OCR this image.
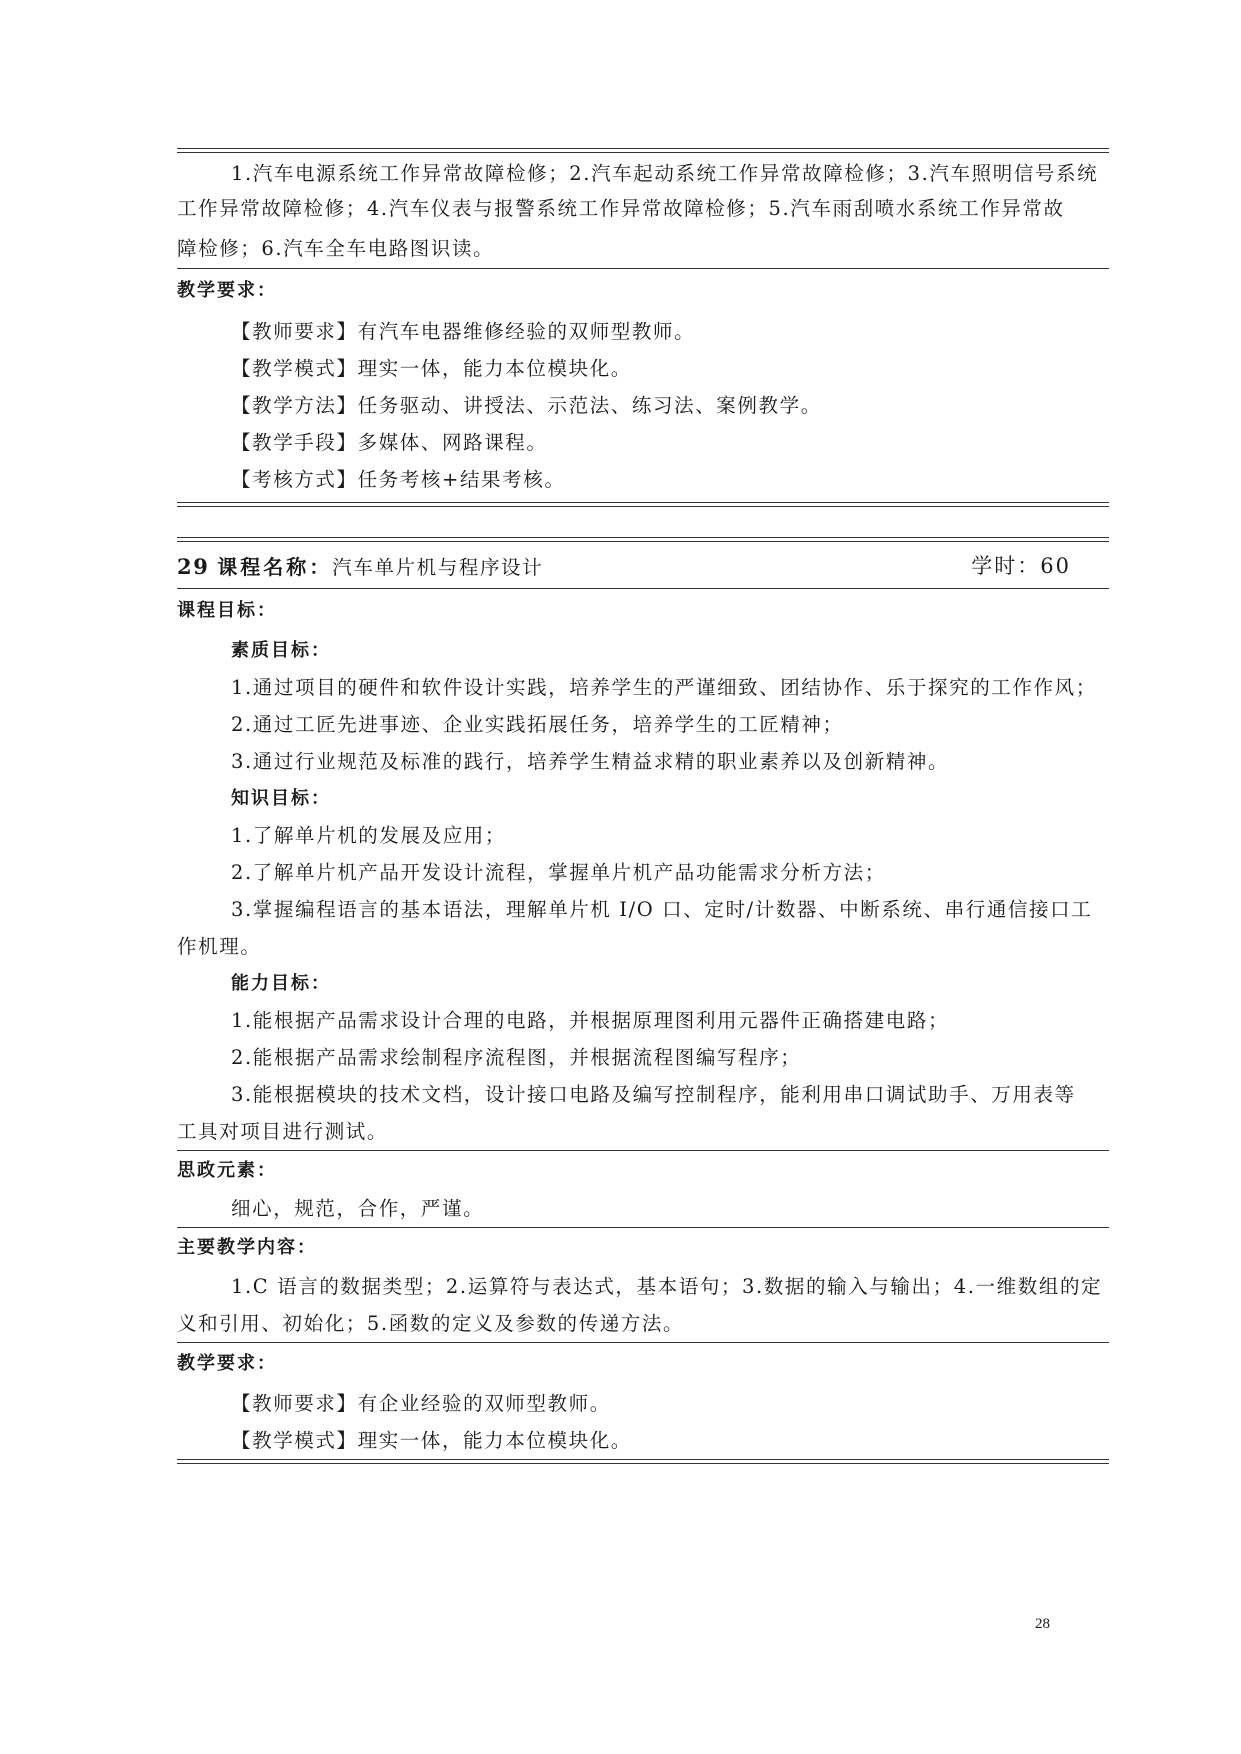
1.汽车电源系统工作异常故障检修；2.汽车起动系统工作异常故障检修；3.汽车照明信号系统
工作异常故障检修；4.汽车仪表与报警系统工作异常故障检修；5.汽车雨刮喷水系统工作异常故
障检修；6.汽车全车电路图识读。
教学要求：
【教师要求】有汽车电器维修经验的双师型教师。
【教学模式】理实一体，能力本位模块化。
【教学方法】任务驱动、讲授法、示范法、练习法、案例教学。
【教学手段】多媒体、网路课程。
【考核方式】任务考核+结果考核。
29 课程名称：汽车单片机与程序设计	学时：60
课程目标：
素质目标：
1.通过项目的硬件和软件设计实践，培养学生的严谨细致、团结协作、乐于探究的工作作风；
2.通过工匠先进事迹、企业实践拓展任务，培养学生的工匠精神；
3.通过行业规范及标准的践行，培养学生精益求精的职业素养以及创新精神。
知识目标：
1.了解单片机的发展及应用；
2.了解单片机产品开发设计流程，掌握单片机产品功能需求分析方法；
3.掌握编程语言的基本语法，理解单片机 I/O 口、定时/计数器、中断系统、串行通信接口工
作机理。
能力目标：
1.能根据产品需求设计合理的电路，并根据原理图利用元器件正确搭建电路；
2.能根据产品需求绘制程序流程图，并根据流程图编写程序；
3.能根据模块的技术文档，设计接口电路及编写控制程序，能利用串口调试助手、万用表等
工具对项目进行测试。
思政元素：
细心，规范，合作，严谨。
主要教学内容：
1.C 语言的数据类型；2.运算符与表达式，基本语句；3.数据的输入与输出；4.一维数组的定
义和引用、初始化；5.函数的定义及参数的传递方法。
教学要求：
【教师要求】有企业经验的双师型教师。
【教学模式】理实一体，能力本位模块化。
28
